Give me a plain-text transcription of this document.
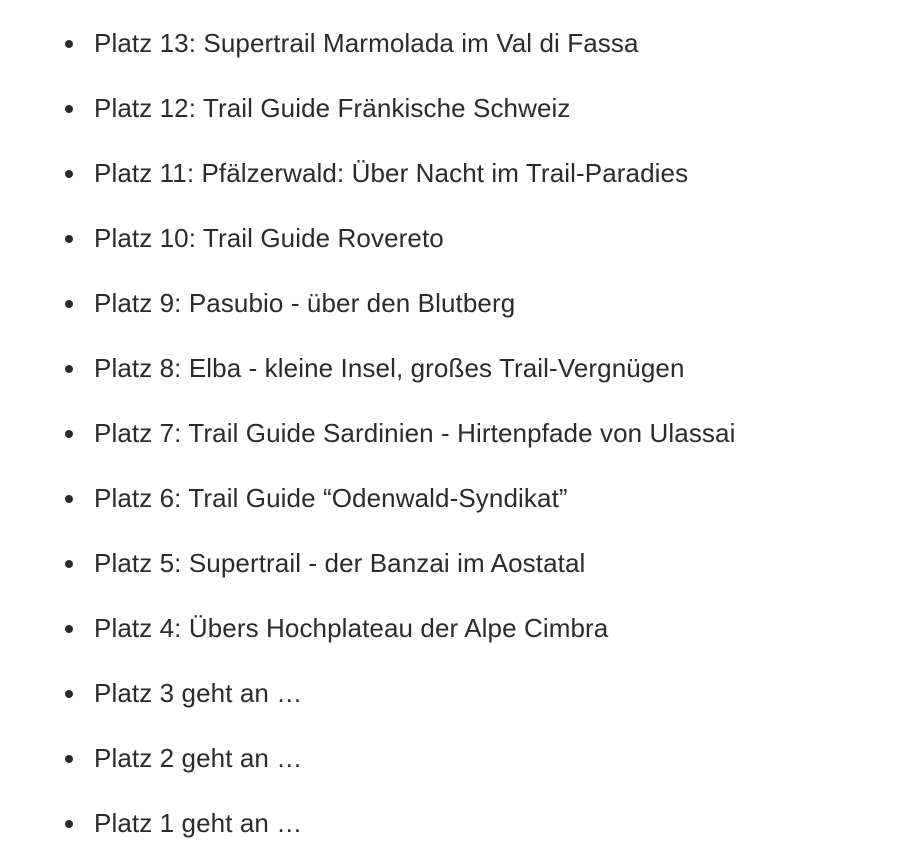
Platz 13: Supertrail Marmolada im Val di Fassa
Platz 12: Trail Guide Fränkische Schweiz
Platz 11: Pfälzerwald: Über Nacht im Trail-Paradies
Platz 10: Trail Guide Rovereto
Platz 9: Pasubio - über den Blutberg
Platz 8: Elba - kleine Insel, großes Trail-Vergnügen
Platz 7: Trail Guide Sardinien - Hirtenpfade von Ulassai
Platz 6: Trail Guide “Odenwald-Syndikat”
Platz 5: Supertrail - der Banzai im Aostatal
Platz 4: Übers Hochplateau der Alpe Cimbra
Platz 3 geht an …
Platz 2 geht an …
Platz 1 geht an …
